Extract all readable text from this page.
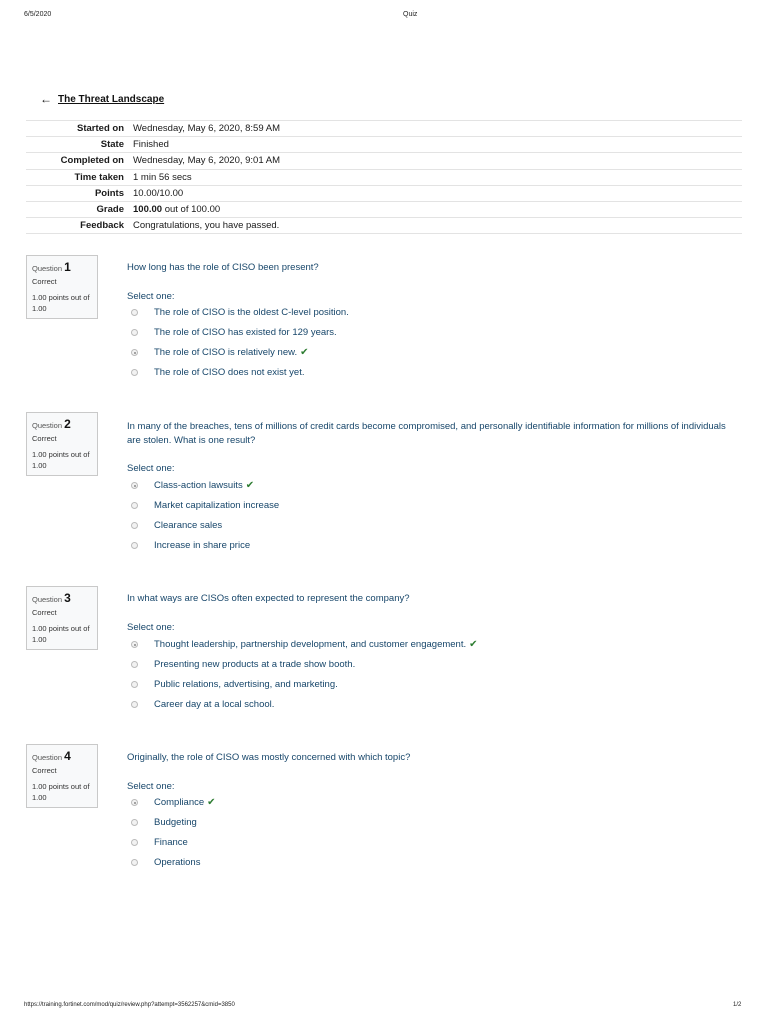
6/5/2020	Quiz
← The Threat Landscape
Started on	Wednesday, May 6, 2020, 8:59 AM
State	Finished
Completed on	Wednesday, May 6, 2020, 9:01 AM
Time taken	1 min 56 secs
Points	10.00/10.00
Grade	100.00 out of 100.00
Feedback	Congratulations, you have passed.
Question 1
Correct
1.00 points out of 1.00
How long has the role of CISO been present?
Select one:
The role of CISO is the oldest C-level position.
The role of CISO has existed for 129 years.
The role of CISO is relatively new. ✔
The role of CISO does not exist yet.
Question 2
Correct
1.00 points out of 1.00
In many of the breaches, tens of millions of credit cards become compromised, and personally identifiable information for millions of individuals are stolen. What is one result?
Select one:
Class-action lawsuits ✔
Market capitalization increase
Clearance sales
Increase in share price
Question 3
Correct
1.00 points out of 1.00
In what ways are CISOs often expected to represent the company?
Select one:
Thought leadership, partnership development, and customer engagement. ✔
Presenting new products at a trade show booth.
Public relations, advertising, and marketing.
Career day at a local school.
Question 4
Correct
1.00 points out of 1.00
Originally, the role of CISO was mostly concerned with which topic?
Select one:
Compliance ✔
Budgeting
Finance
Operations
https://training.fortinet.com/mod/quiz/review.php?attempt=3562257&cmid=3850	1/2
